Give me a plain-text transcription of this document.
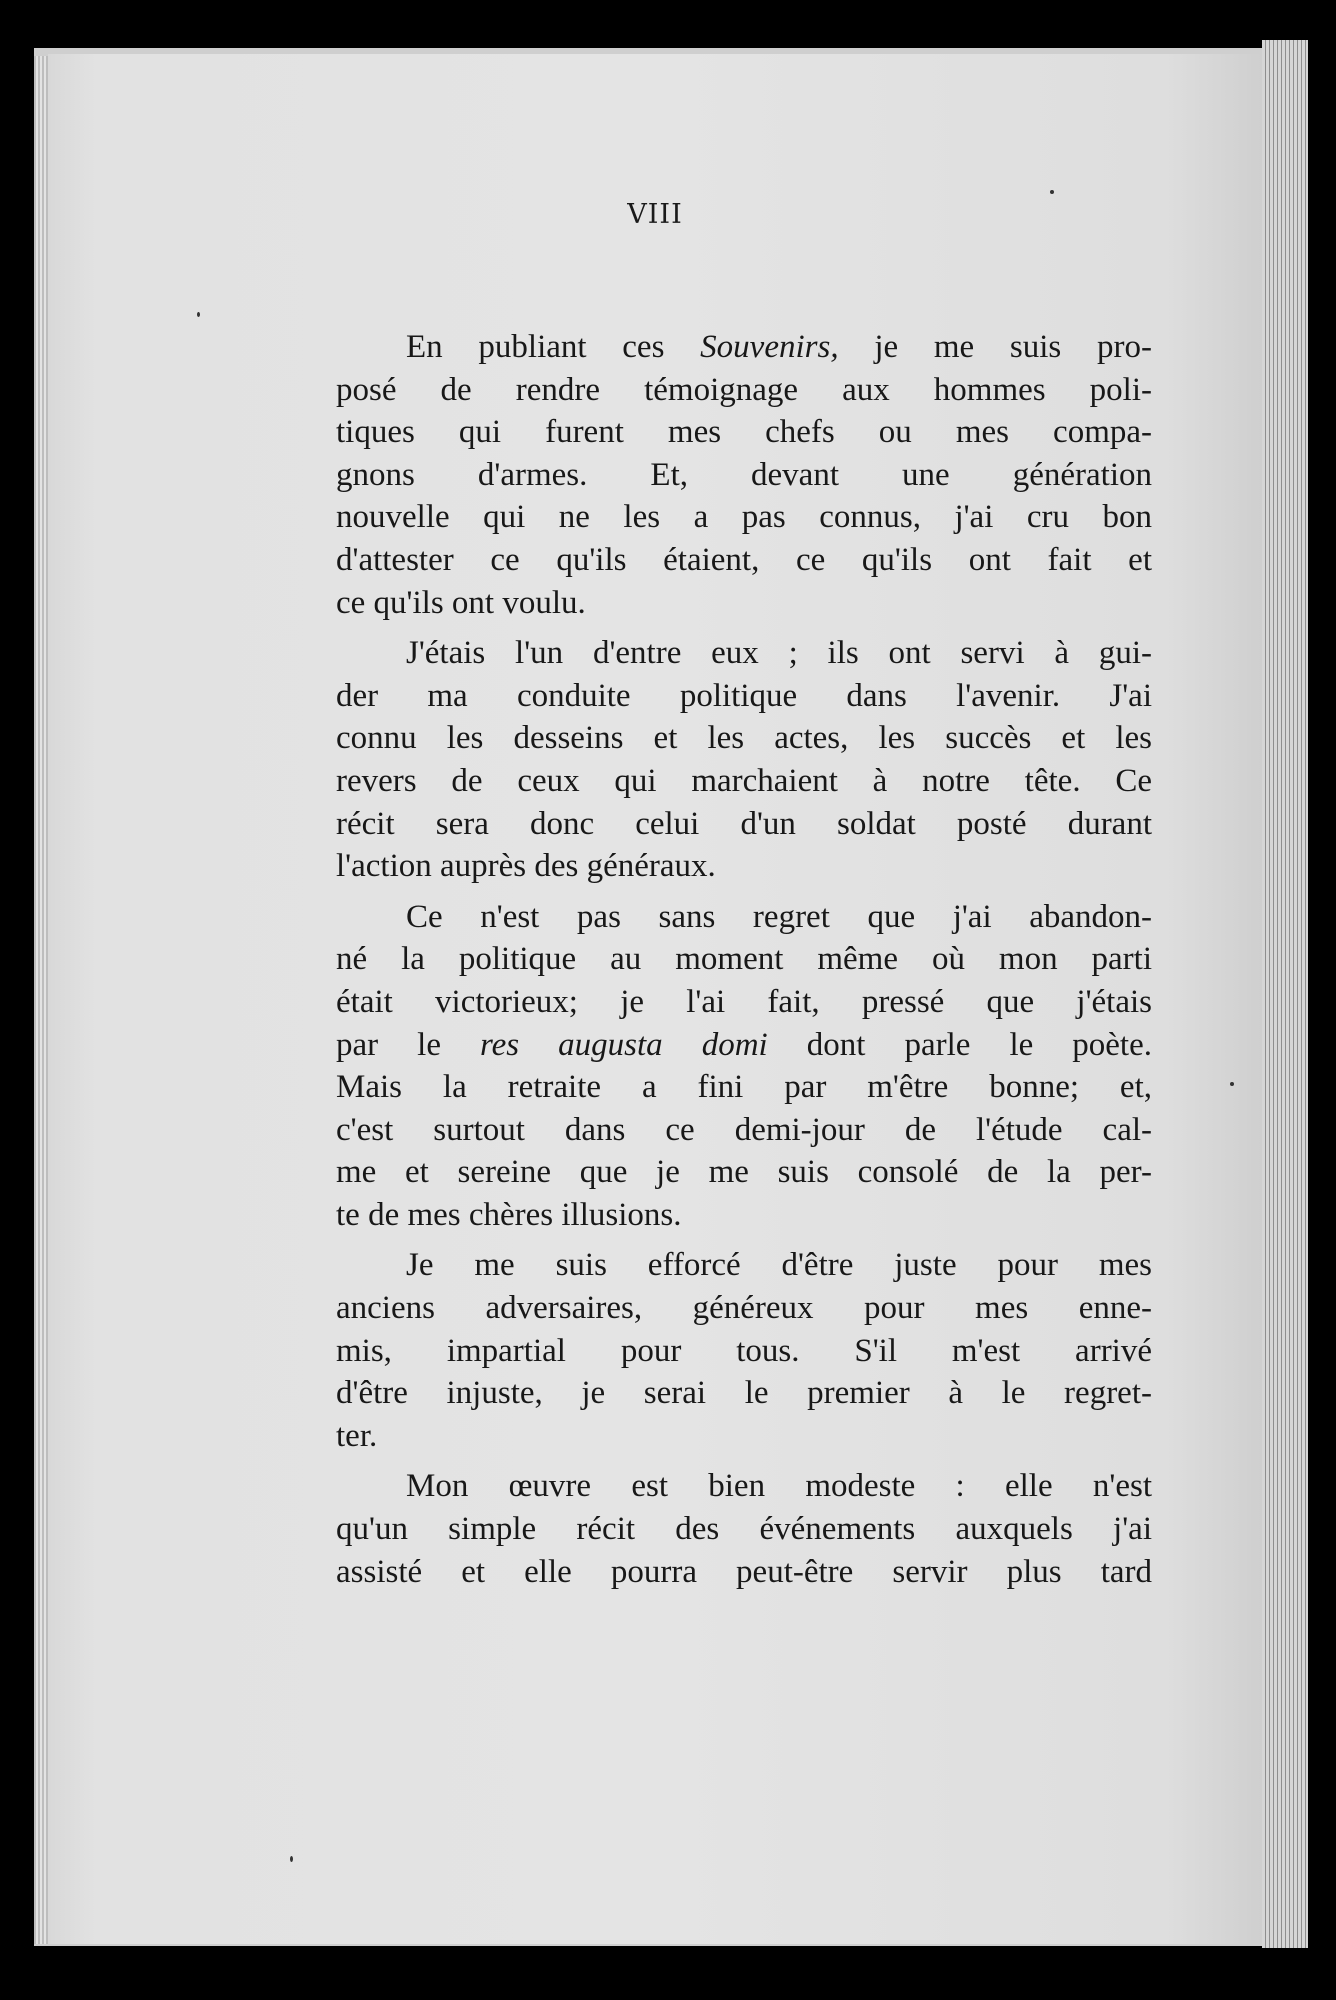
VIII

En publiant ces Souvenirs, je me suis pro-
posé de rendre témoignage aux hommes poli-
tiques qui furent mes chefs ou mes compa-
gnons d'armes. Et, devant une génération
nouvelle qui ne les a pas connus, j'ai cru bon
d'attester ce qu'ils étaient, ce qu'ils ont fait et
ce qu'ils ont voulu.

J'étais l'un d'entre eux ; ils ont servi à gui-
der ma conduite politique dans l'avenir. J'ai
connu les desseins et les actes, les succès et les
revers de ceux qui marchaient à notre tête. Ce
récit sera donc celui d'un soldat posté durant
l'action auprès des généraux.

Ce n'est pas sans regret que j'ai abandon-
né la politique au moment même où mon parti
était victorieux; je l'ai fait, pressé que j'étais
par le res augusta domi dont parle le poète.
Mais la retraite a fini par m'être bonne; et,
c'est surtout dans ce demi-jour de l'étude cal-
me et sereine que je me suis consolé de la per-
te de mes chères illusions.

Je me suis efforcé d'être juste pour mes
anciens adversaires, généreux pour mes enne-
mis, impartial pour tous. S'il m'est arrivé
d'être injuste, je serai le premier à le regret-
ter.

Mon œuvre est bien modeste : elle n'est
qu'un simple récit des événements auxquels j'ai
assisté et elle pourra peut-être servir plus tard
